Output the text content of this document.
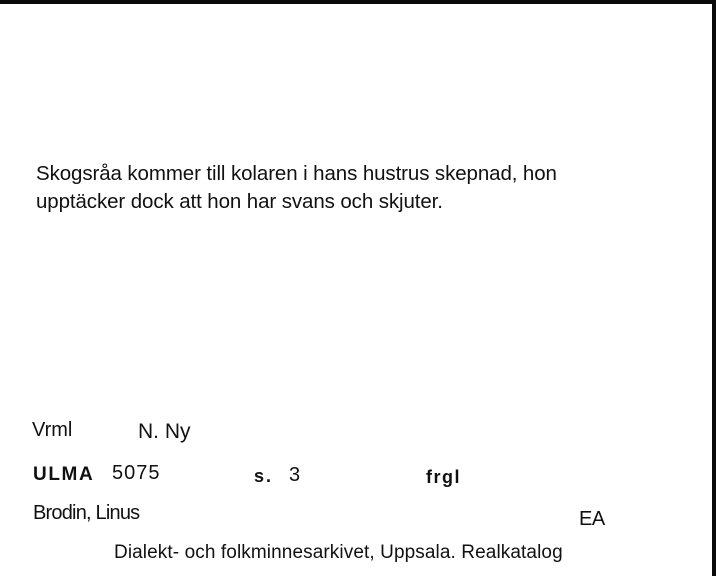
Skogsråa kommer till kolaren i hans hustrus skepnad, hon
upptäcker dock att hon har svans och skjuter.
Vrml	N. Ny
ULMA 5075	s. 3	frgl
Brodin, Linus	EA
Dialekt- och folkminnesarkivet, Uppsala. Realkatalog
